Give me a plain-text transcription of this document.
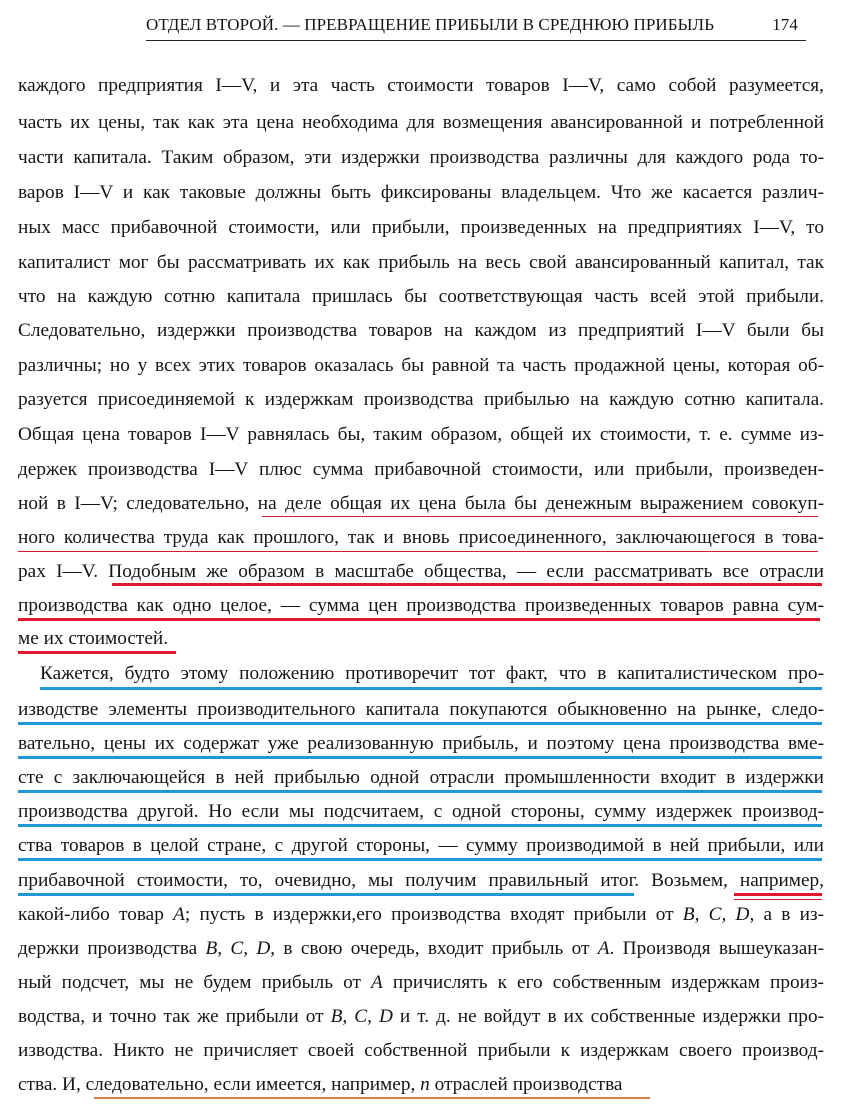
ОТДЕЛ ВТОРОЙ. — ПРЕВРАЩЕНИЕ ПРИБЫЛИ В СРЕДНЮЮ ПРИБЫЛЬ	174
каждого предприятия I—V, и эта часть стоимости товаров I—V, само собой разумеется,
часть их цены, так как эта цена необходима для возмещения авансированной и потребленной
части капитала. Таким образом, эти издержки производства различны для каждого рода то-
варов I—V и как таковые должны быть фиксированы владельцем. Что же касается различ-
ных масс прибавочной стоимости, или прибыли, произведенных на предприятиях I—V, то
капиталист мог бы рассматривать их как прибыль на весь свой авансированный капитал, так
что на каждую сотню капитала пришлась бы соответствующая часть всей этой прибыли.
Следовательно, издержки производства товаров на каждом из предприятий I—V были бы
различны; но у всех этих товаров оказалась бы равной та часть продажной цены, которая об-
разуется присоединяемой к издержкам производства прибылью на каждую сотню капитала.
Общая цена товаров I—V равнялась бы, таким образом, общей их стоимости, т. е. сумме из-
держек производства I—V плюс сумма прибавочной стоимости, или прибыли, произведен-
ной в I—V; следовательно, на деле общая их цена была бы денежным выражением совокуп-
ного количества труда как прошлого, так и вновь присоединенного, заключающегося в това-
рах I—V. Подобным же образом в масштабе общества, — если рассматривать все отрасли
производства как одно целое, — сумма цен производства произведенных товаров равна сум-
ме их стоимостей.
Кажется, будто этому положению противоречит тот факт, что в капиталистическом про-
изводстве элементы производительного капитала покупаются обыкновенно на рынке, следо-
вательно, цены их содержат уже реализованную прибыль, и поэтому цена производства вме-
сте с заключающейся в ней прибылью одной отрасли промышленности входит в издержки
производства другой. Но если мы подсчитаем, с одной стороны, сумму издержек производ-
ства товаров в целой стране, с другой стороны, — сумму производимой в ней прибыли, или
прибавочной стоимости, то, очевидно, мы получим правильный итог. Возьмем, например,
какой-либо товар A; пусть в издержки,его производства входят прибыли от B, C, D, а в из-
держки производства B, C, D, в свою очередь, входит прибыль от A. Производя вышеуказан-
ный подсчет, мы не будем прибыль от A причислять к его собственным издержкам произ-
водства, и точно так же прибыли от B, C, D и т. д. не войдут в их собственные издержки про-
изводства. Никто не причисляет своей собственной прибыли к издержкам своего производ-
ства. И, следовательно, если имеется, например, n отраслей производства
